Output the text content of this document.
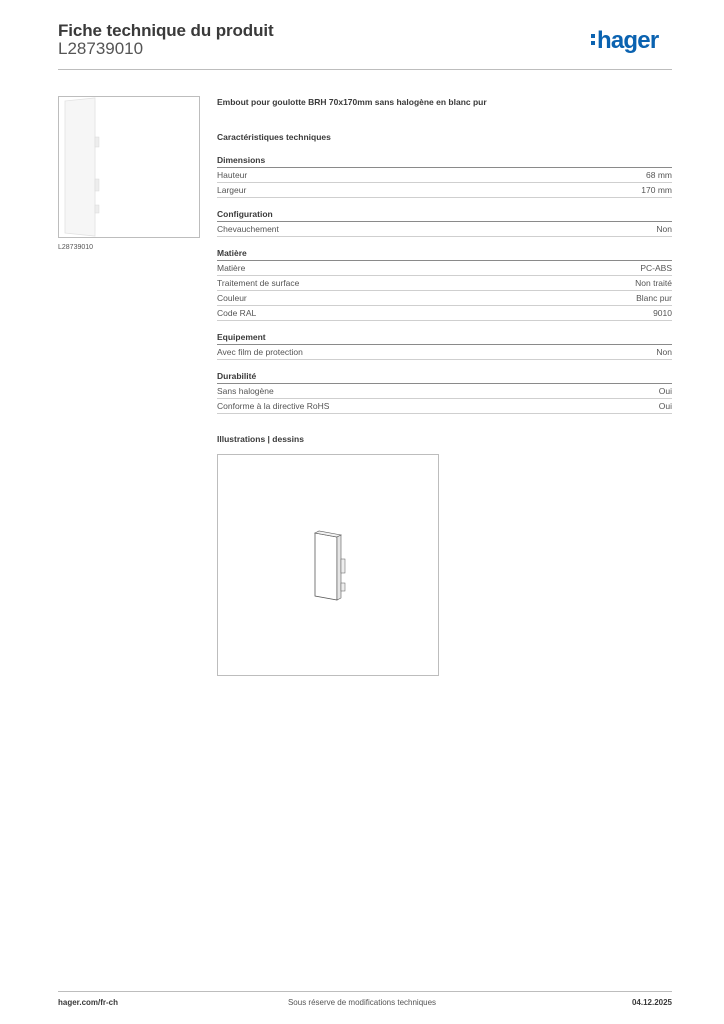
Fiche technique du produit
L28739010	hager
L28739010
Embout pour goulotte BRH 70x170mm sans halogène en blanc pur
Caractéristiques techniques
Dimensions
Hauteur	68 mm
Largeur	170 mm
Configuration
Chevauchement	Non
Matière
Matière	PC-ABS
Traitement de surface	Non traité
Couleur	Blanc pur
Code RAL	9010
Equipement
Avec film de protection	Non
Durabilité
Sans halogène	Oui
Conforme à la directive RoHS	Oui
Illustrations | dessins
hager.com/fr-ch	Sous réserve de modifications techniques	04.12.2025
